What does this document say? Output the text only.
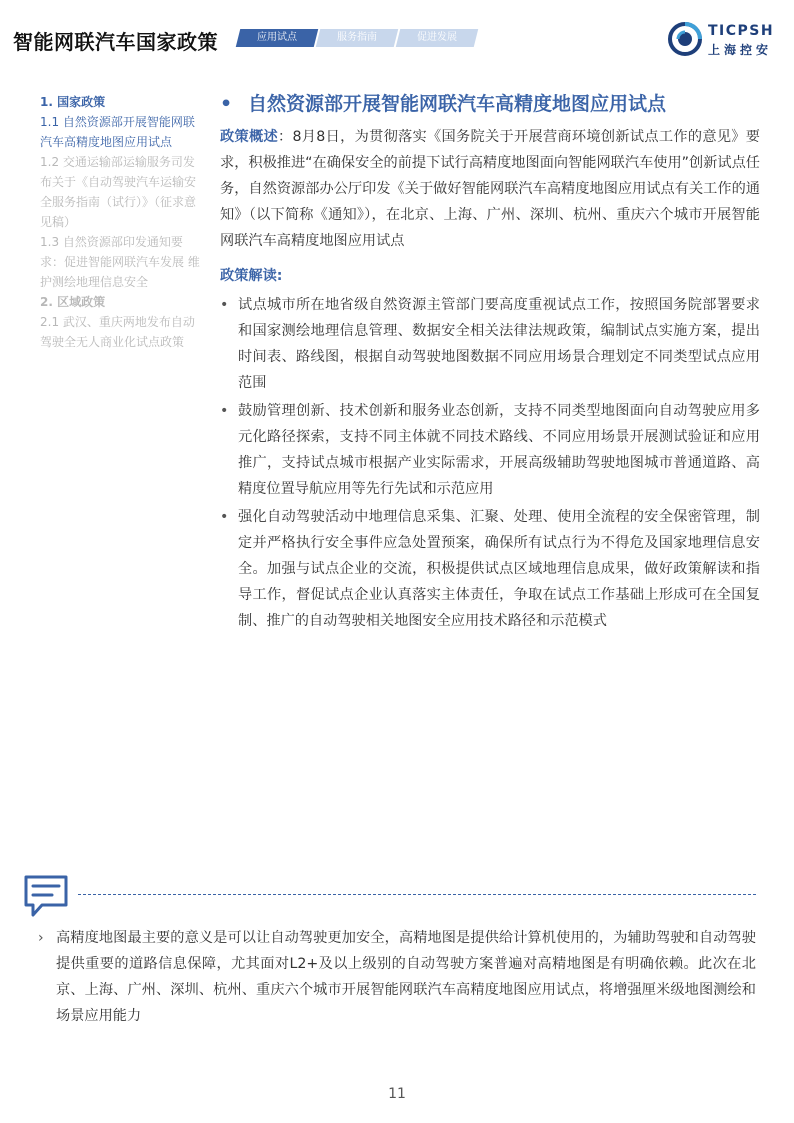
智能网联汽车国家政策	应用试点	服务指南	促进发展	TICPSH
上海控安

1. 国家政策

1.1 自然资源部开展智能网联汽车高精度地图应用试点

1.2 交通运输部运输服务司发布关于《自动驾驶汽车运输安全服务指南（试行）》（征求意见稿）

1.3 自然资源部印发通知要求：促进智能网联汽车发展 维护测绘地理信息安全

2. 区域政策

2.1 武汉、重庆两地发布自动驾驶全无人商业化试点政策

• 自然资源部开展智能网联汽车高精度地图应用试点

政策概述：8月8日，为贯彻落实《国务院关于开展营商环境创新试点工作的意见》要求，积极推进“在确保安全的前提下试行高精度地图面向智能网联汽车使用”创新试点任务，自然资源部办公厅印发《关于做好智能网联汽车高精度地图应用试点有关工作的通知》（以下简称《通知》），在北京、上海、广州、深圳、杭州、重庆六个城市开展智能网联汽车高精度地图应用试点

政策解读:
• 试点城市所在地省级自然资源主管部门要高度重视试点工作，按照国务院部署要求和国家测绘地理信息管理、数据安全相关法律法规政策，编制试点实施方案，提出时间表、路线图，根据自动驾驶地图数据不同应用场景合理划定不同类型试点应用范围
• 鼓励管理创新、技术创新和服务业态创新，支持不同类型地图面向自动驾驶应用多元化路径探索，支持不同主体就不同技术路线、不同应用场景开展测试验证和应用推广，支持试点城市根据产业实际需求，开展高级辅助驾驶地图城市普通道路、高精度位置导航应用等先行先试和示范应用
• 强化自动驾驶活动中地理信息采集、汇聚、处理、使用全流程的安全保密管理，制定并严格执行安全事件应急处置预案，确保所有试点行为不得危及国家地理信息安全。加强与试点企业的交流，积极提供试点区域地理信息成果，做好政策解读和指导工作，督促试点企业认真落实主体责任，争取在试点工作基础上形成可在全国复制、推广的自动驾驶相关地图安全应用技术路径和示范模式
› 高精度地图最主要的意义是可以让自动驾驶更加安全，高精地图是提供给计算机使用的，为辅助驾驶和自动驾驶提供重要的道路信息保障，尤其面对L2+及以上级别的自动驾驶方案普遍对高精地图是有明确依赖。此次在北京、上海、广州、深圳、杭州、重庆六个城市开展智能网联汽车高精度地图应用试点，将增强厘米级地图测绘和场景应用能力
11
